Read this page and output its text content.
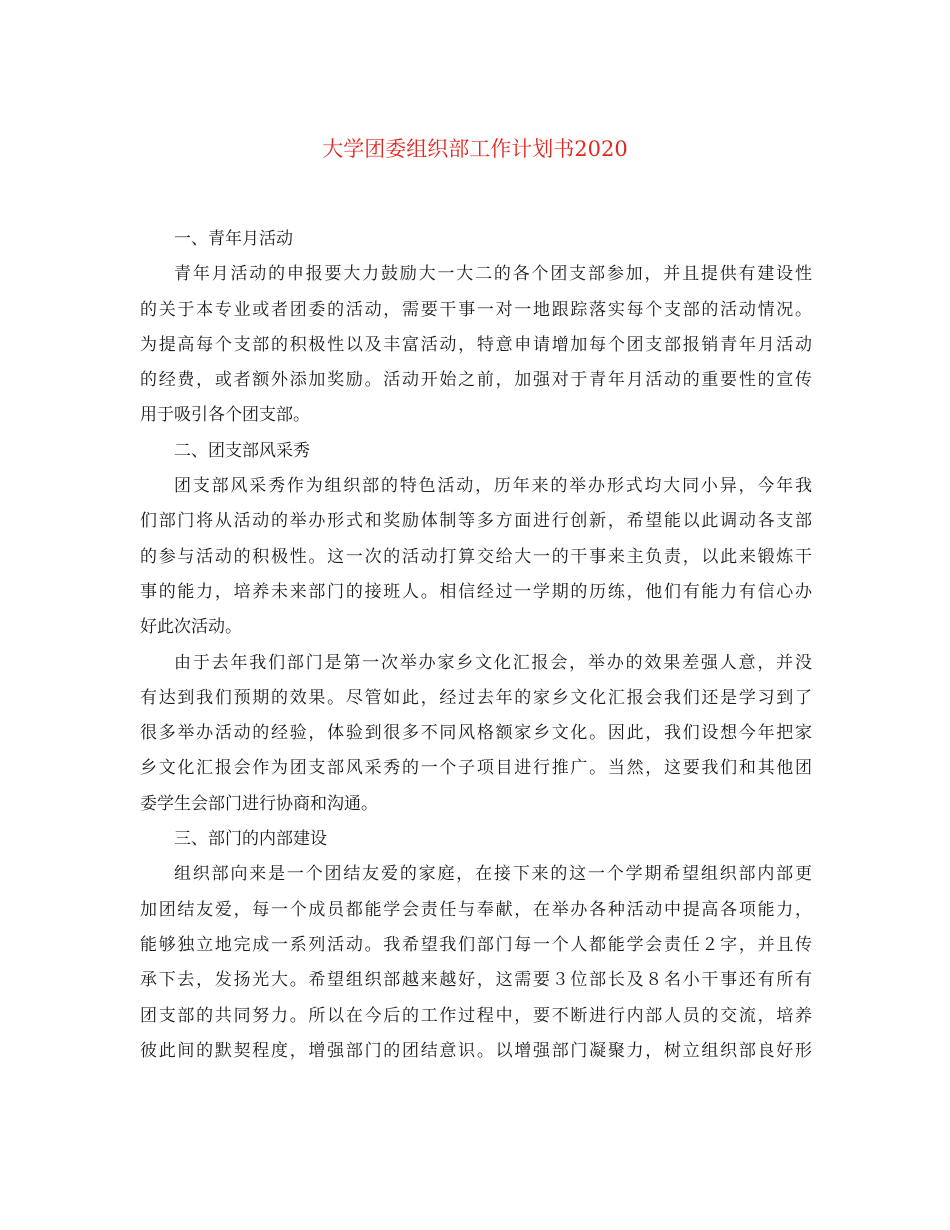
大学团委组织部工作计划书2020
一、青年月活动
青年月活动的申报要大力鼓励大一大二的各个团支部参加，并且提供有建设性
的关于本专业或者团委的活动，需要干事一对一地跟踪落实每个支部的活动情况。
为提高每个支部的积极性以及丰富活动，特意申请增加每个团支部报销青年月活动
的经费，或者额外添加奖励。活动开始之前，加强对于青年月活动的重要性的宣传
用于吸引各个团支部。
二、团支部风采秀
团支部风采秀作为组织部的特色活动，历年来的举办形式均大同小异，今年我
们部门将从活动的举办形式和奖励体制等多方面进行创新，希望能以此调动各支部
的参与活动的积极性。这一次的活动打算交给大一的干事来主负责，以此来锻炼干
事的能力，培养未来部门的接班人。相信经过一学期的历练，他们有能力有信心办
好此次活动。
由于去年我们部门是第一次举办家乡文化汇报会，举办的效果差强人意，并没
有达到我们预期的效果。尽管如此，经过去年的家乡文化汇报会我们还是学习到了
很多举办活动的经验，体验到很多不同风格额家乡文化。因此，我们设想今年把家
乡文化汇报会作为团支部风采秀的一个子项目进行推广。当然，这要我们和其他团
委学生会部门进行协商和沟通。
三、部门的内部建设
组织部向来是一个团结友爱的家庭，在接下来的这一个学期希望组织部内部更
加团结友爱，每一个成员都能学会责任与奉献，在举办各种活动中提高各项能力，
能够独立地完成一系列活动。我希望我们部门每一个人都能学会责任２字，并且传
承下去，发扬光大。希望组织部越来越好，这需要３位部长及８名小干事还有所有
团支部的共同努力。所以在今后的工作过程中，要不断进行内部人员的交流，培养
彼此间的默契程度，增强部门的团结意识。以增强部门凝聚力，树立组织部良好形
